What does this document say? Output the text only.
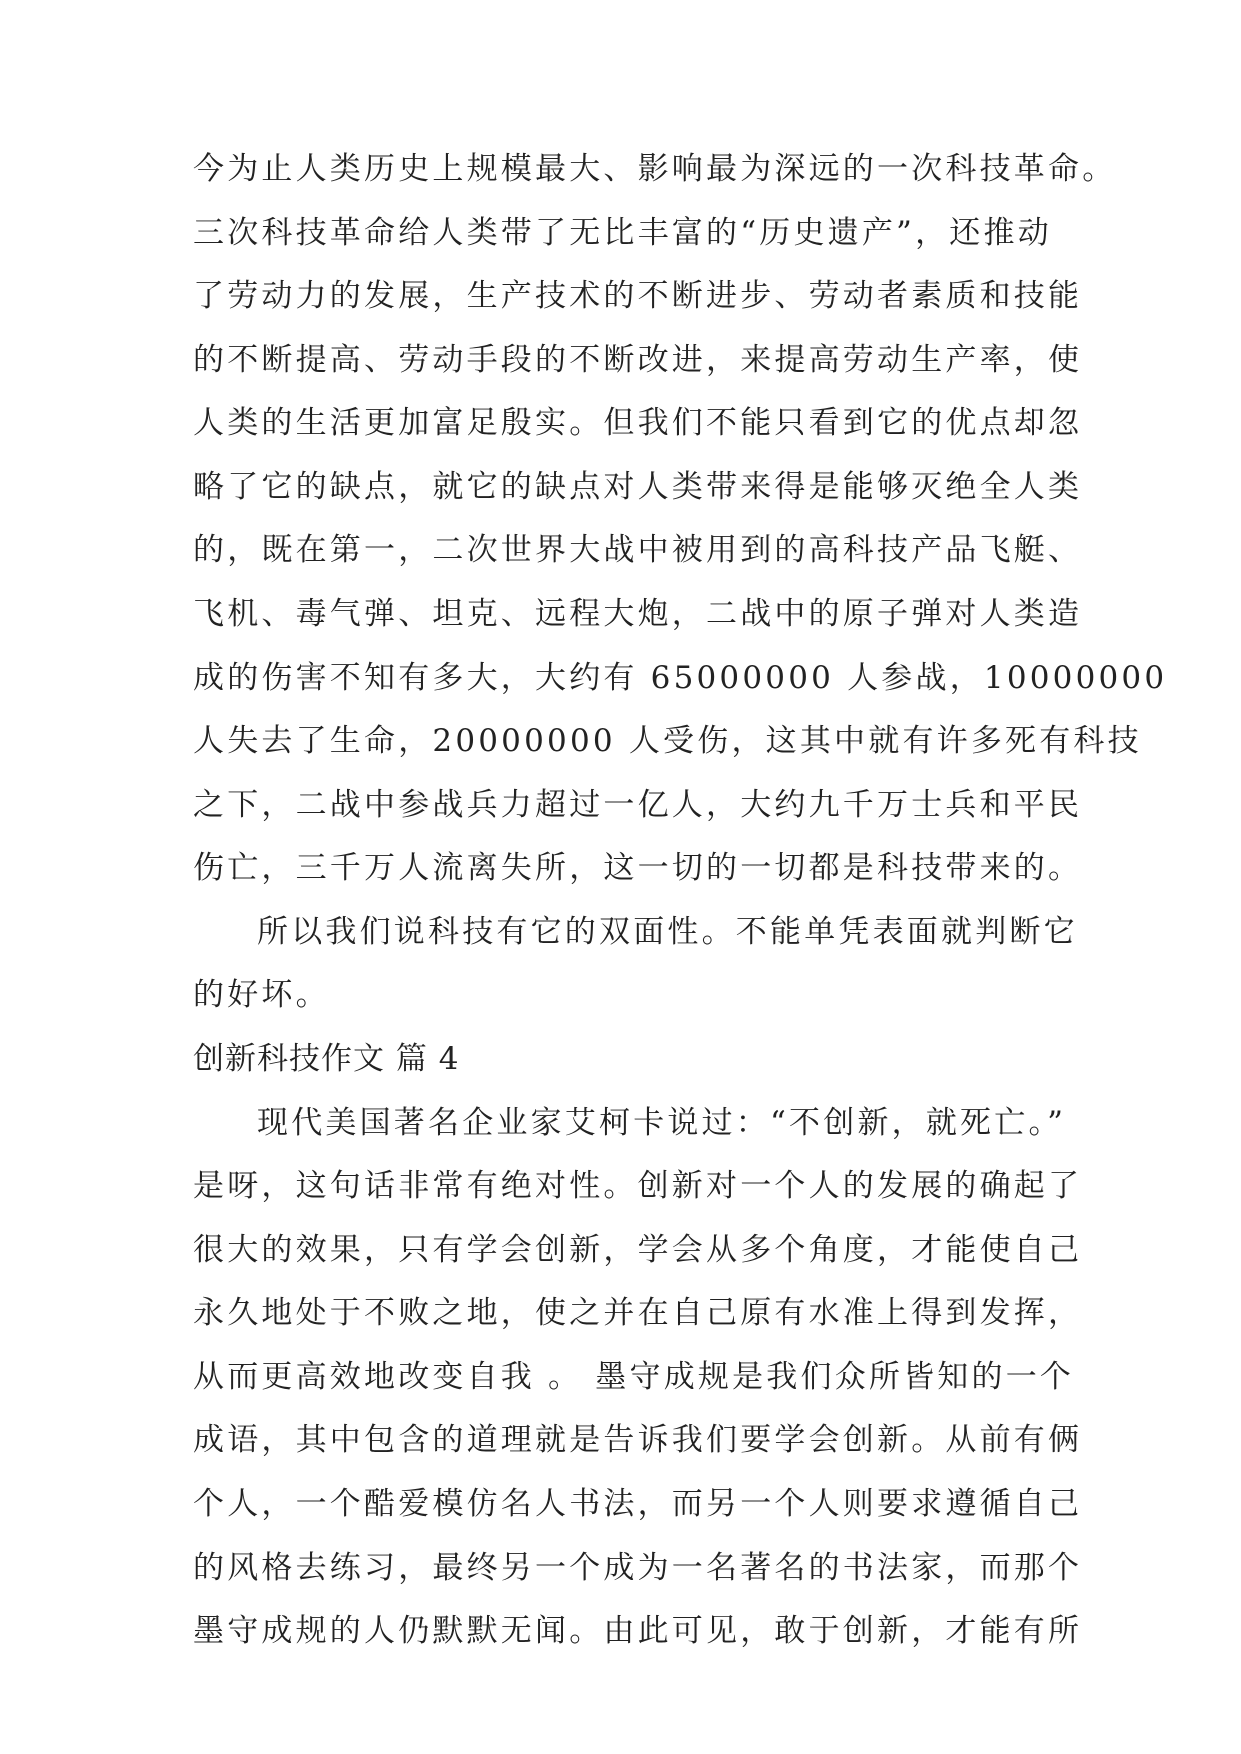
今为止人类历史上规模最大、影响最为深远的一次科技革命。
三次科技革命给人类带了无比丰富的“历史遗产”，还推动
了劳动力的发展，生产技术的不断进步、劳动者素质和技能
的不断提高、劳动手段的不断改进，来提高劳动生产率，使
人类的生活更加富足殷实。但我们不能只看到它的优点却忽
略了它的缺点，就它的缺点对人类带来得是能够灭绝全人类
的，既在第一，二次世界大战中被用到的高科技产品飞艇、
飞机、毒气弹、坦克、远程大炮，二战中的原子弹对人类造
成的伤害不知有多大，大约有 65000000 人参战，10000000
人失去了生命，20000000 人受伤，这其中就有许多死有科技
之下，二战中参战兵力超过一亿人，大约九千万士兵和平民
伤亡，三千万人流离失所，这一切的一切都是科技带来的。
所以我们说科技有它的双面性。不能单凭表面就判断它
的好坏。
创新科技作文 篇 4
现代美国著名企业家艾柯卡说过：“不创新，就死亡。”
是呀，这句话非常有绝对性。创新对一个人的发展的确起了
很大的效果，只有学会创新，学会从多个角度，才能使自己
永久地处于不败之地，使之并在自己原有水准上得到发挥，
从而更高效地改变自我 。 墨守成规是我们众所皆知的一个
成语，其中包含的道理就是告诉我们要学会创新。从前有俩
个人，一个酷爱模仿名人书法，而另一个人则要求遵循自己
的风格去练习，最终另一个成为一名著名的书法家，而那个
墨守成规的人仍默默无闻。由此可见，敢于创新，才能有所
